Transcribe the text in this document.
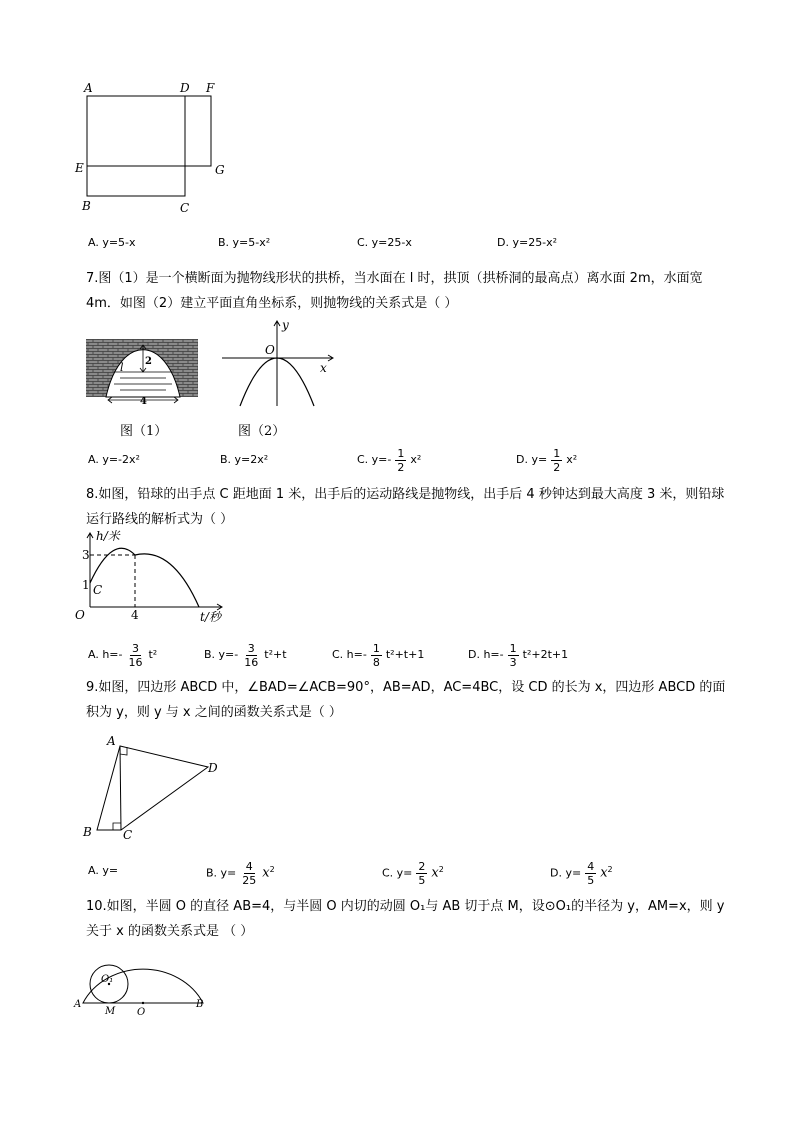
A	D F
E	G
B	C
A. y=5-x	B. y=5-x²	C. y=25-x	D. y=25-x²
7.图（1）是一个横断面为抛物线形状的拱桥，当水面在 l 时，拱顶（拱桥洞的最高点）离水面 2m，水面宽 4m．如图（2）建立平面直角坐标系，则抛物线的关系式是（ ）
2
l
4
图（1）
y
O
x
图（2）
A. y=-2x²	B. y=2x²	C. $y=- \frac{1}{2} x^2$	D. $y= \frac{1}{2} x^2$
8.如图，铅球的出手点 C 距地面 1 米，出手后的运动路线是抛物线，出手后 4 秒钟达到最大高度 3 米，则铅球运行路线的解析式为（ ）
h/米
3
1 C
O	4	t/秒
A. $h=- \frac{3}{16} t^2$	B. $y=- \frac{3}{16} t^2+t$	C. $h=- \frac{1}{8} t^2+t+1$	D. $h=- \frac{1}{3} t^2+2t+1$
9.如图，四边形 ABCD 中，∠BAD=∠ACB=90°，AB=AD，AC=4BC，设 CD 的长为 x，四边形 ABCD 的面积为 y，则 y 与 x 之间的函数关系式是（ ）
A
B	C
D
A. y=	B. $y= \frac{4}{25} x^2$	C. $y= \frac{2}{5} x^2$	D. $y= \frac{4}{5} x^2$
10.如图，半圆 O 的直径 AB=4，与半圆 O 内切的动圆 O₁与 AB 切于点 M，设⊙O₁的半径为 y，AM=x，则 y 关于 x 的函数关系式是 （ ）
O₁
A
M O
B
